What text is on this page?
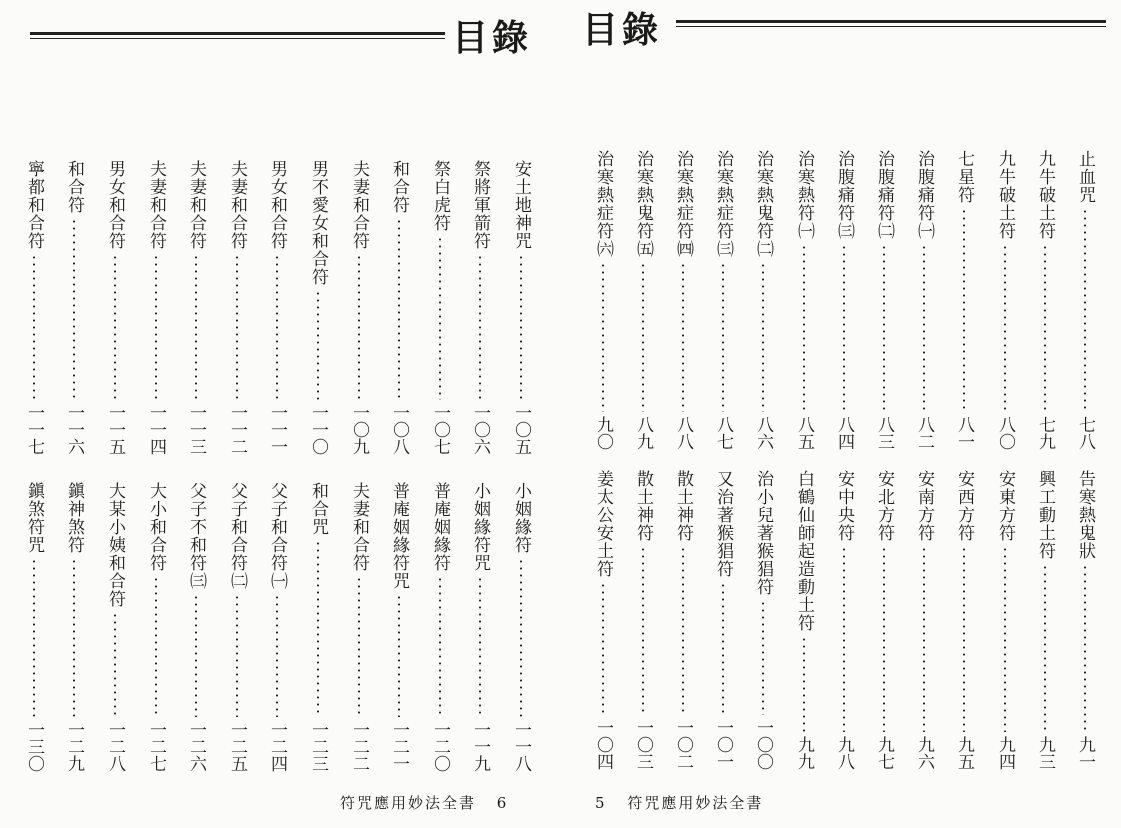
目錄 目錄
止血咒
七八
九牛破土符
七九
九牛破土符
八〇
七星符
八一
治腹痛符㈠
八二
治腹痛符㈡
八三
治腹痛符㈢
八四
治寒熱符㈠
八五
治寒熱鬼符㈡
八六
治寒熱症符㈢
八七
治寒熱症符㈣
八八
治寒熱鬼符㈤
八九
治寒熱症符㈥
九〇
告寒熱鬼狀
九一
興工動土符
九三
安東方符
九四
安西方符
九五
安南方符
九六
安北方符
九七
安中央符
九八
白鶴仙師起造動土符
九九
治小兒著猴猖符
一〇〇
又治著猴猖符
一〇一
散土神符
一〇二
散土神符
一〇三
姜太公安土符
一〇四
安土地神咒
一〇五
祭將軍箭符
一〇六
祭白虎符
一〇七
和合符
一〇八
夫妻和合符
一〇九
男不愛女和合符
一一〇
男女和合符
一一一
夫妻和合符
一一二
夫妻和合符
一一三
夫妻和合符
一一四
男女和合符
一一五
和合符
一一六
寧都和合符
一一七
小姻緣符
一一八
小姻緣符咒
一一九
普庵姻緣符
一二〇
普庵姻緣符咒
一二一
夫妻和合符
一二二
和合咒
一二三
父子和合符㈠
一二四
父子和合符㈡
一二五
父子不和符㈢
一二六
大小和合符
一二七
大某小姨和合符
一二八
鎭神煞符
一二九
鎭煞符咒
一三〇
符咒應用妙法全書 6	5 符咒應用妙法全書
